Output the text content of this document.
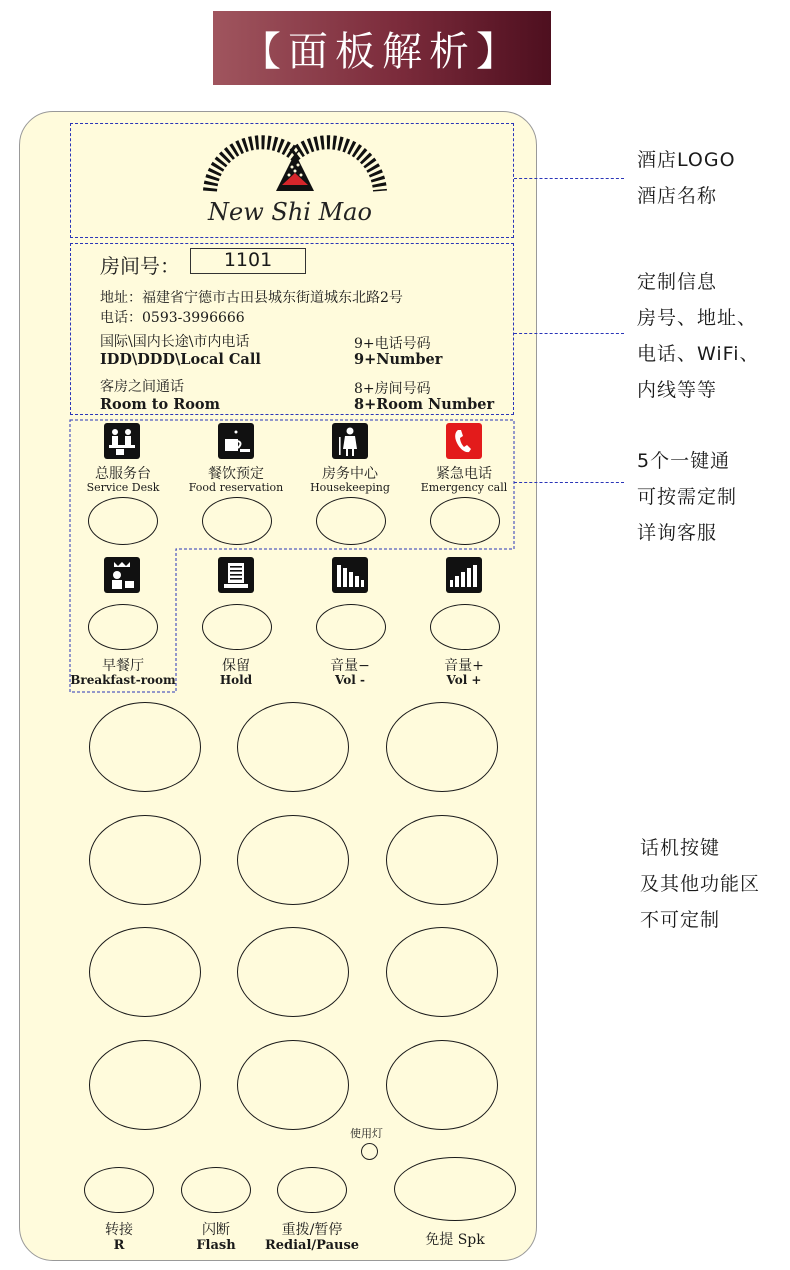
【面板解析】
酒店LOGO
酒店名称
定制信息
房号、地址、
电话、WiFi、
内线等等
5个一键通
可按需定制
详询客服
话机按键
及其他功能区
不可定制
New Shi Mao
房间号：	1101
地址：福建省宁德市古田县城东街道城东北路2号
电话：0593-3996666
国际\国内长途\市内电话
IDD\DDD\Local Call
9+电话号码
9+Number
客房之间通话
Room to Room
8+房间号码
8+Room Number
总服务台
Service Desk
餐饮预定
Food reservation
房务中心
Housekeeping
紧急电话
Emergency call
早餐厅
Breakfast-room
保留
Hold
音量−
Vol -
音量+
Vol +
使用灯
转接
R
闪断
Flash
重拨/暂停
Redial/Pause	免提 Spk
